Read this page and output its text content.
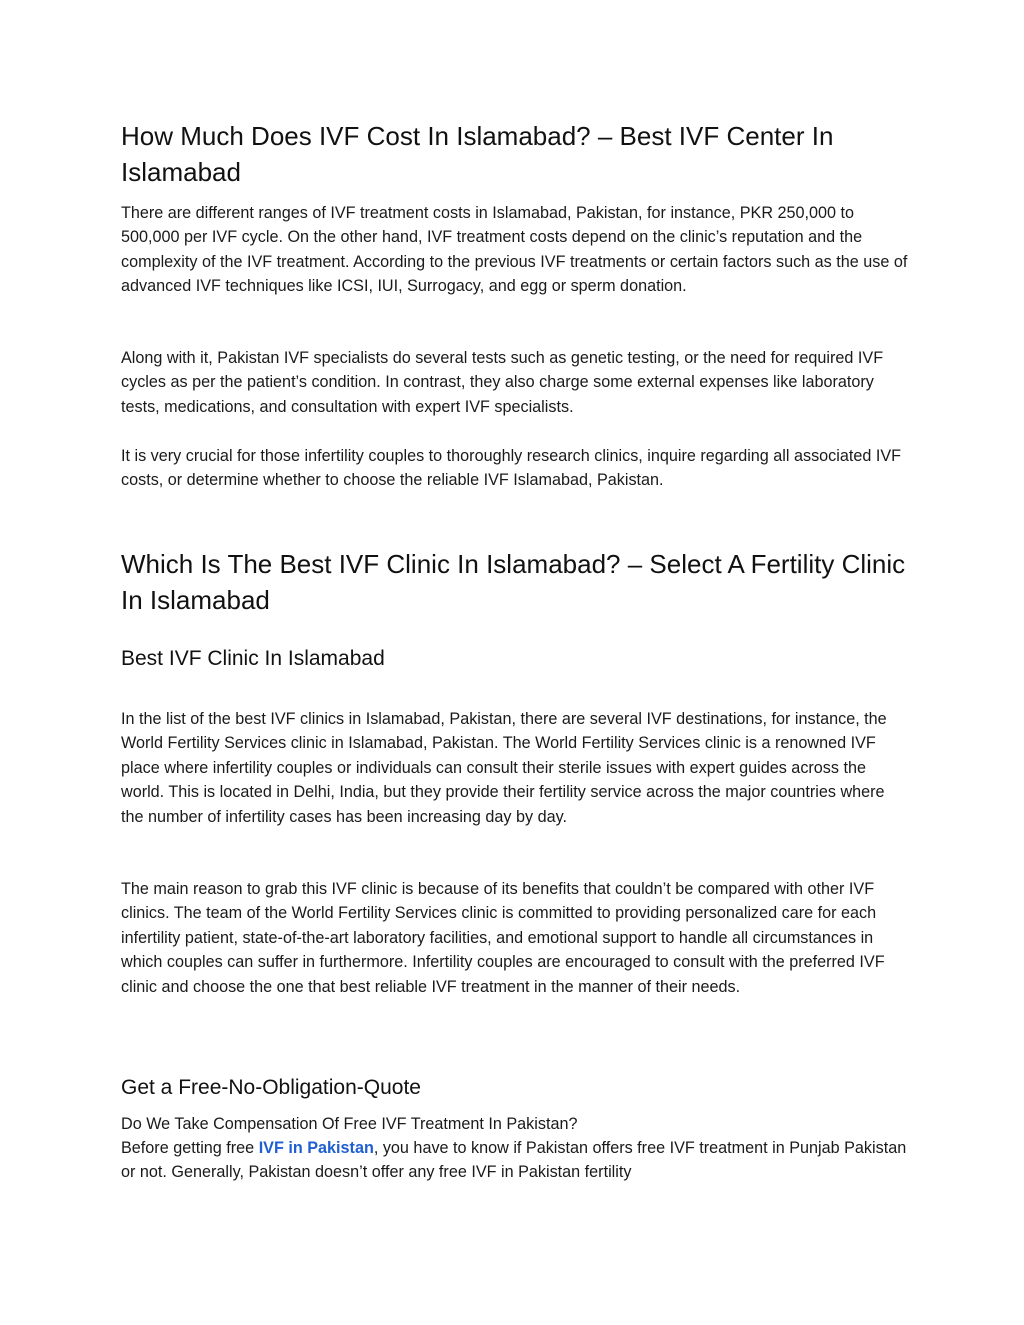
How Much Does IVF Cost In Islamabad? – Best IVF Center In Islamabad

There are different ranges of IVF treatment costs in Islamabad, Pakistan, for instance, PKR 250,000 to 500,000 per IVF cycle. On the other hand, IVF treatment costs depend on the clinic’s reputation and the complexity of the IVF treatment. According to the previous IVF treatments or certain factors such as the use of advanced IVF techniques like ICSI, IUI, Surrogacy, and egg or sperm donation.

Along with it, Pakistan IVF specialists do several tests such as genetic testing, or the need for required IVF cycles as per the patient’s condition. In contrast, they also charge some external expenses like laboratory tests, medications, and consultation with expert IVF specialists.

It is very crucial for those infertility couples to thoroughly research clinics, inquire regarding all associated IVF costs, or determine whether to choose the reliable IVF Islamabad, Pakistan.

Which Is The Best IVF Clinic In Islamabad? – Select A Fertility Clinic In Islamabad
Best IVF Clinic In Islamabad

In the list of the best IVF clinics in Islamabad, Pakistan, there are several IVF destinations, for instance, the World Fertility Services clinic in Islamabad, Pakistan. The World Fertility Services clinic is a renowned IVF place where infertility couples or individuals can consult their sterile issues with expert guides across the world. This is located in Delhi, India, but they provide their fertility service across the major countries where the number of infertility cases has been increasing day by day.

The main reason to grab this IVF clinic is because of its benefits that couldn’t be compared with other IVF clinics. The team of the World Fertility Services clinic is committed to providing personalized care for each infertility patient, state-of-the-art laboratory facilities, and emotional support to handle all circumstances in which couples can suffer in furthermore. Infertility couples are encouraged to consult with the preferred IVF clinic and choose the one that best reliable IVF treatment in the manner of their needs.

Get a Free-No-Obligation-Quote

Do We Take Compensation Of Free IVF Treatment In Pakistan?

Before getting free IVF in Pakistan, you have to know if Pakistan offers free IVF treatment in Punjab Pakistan or not. Generally, Pakistan doesn’t offer any free IVF in Pakistan fertility
